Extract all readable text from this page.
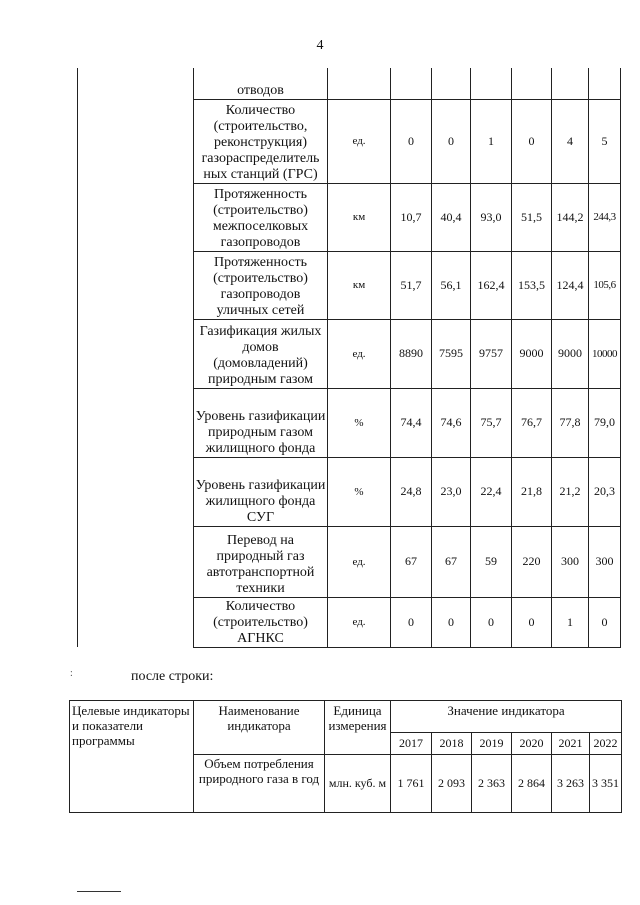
4
	отводов							
	Количество (строительство, реконструкция) газораспределитель ных станций (ГРС)	ед.	0	0	1	0	4	5
	Протяженность (строительство) межпоселковых газопроводов	км	10,7	40,4	93,0	51,5	144,2	244,3
	Протяженность (строительство) газопроводов уличных сетей	км	51,7	56,1	162,4	153,5	124,4	105,6
	Газификация жилых домов (домовладений) природным газом	ед.	8890	7595	9757	9000	9000	10000
	Уровень газификации природным газом жилищного фонда	%	74,4	74,6	75,7	76,7	77,8	79,0
	Уровень газификации жилищного фонда СУГ	%	24,8	23,0	22,4	21,8	21,2	20,3
	Перевод на природный газ автотранспортной техники	ед.	67	67	59	220	300	300
	Количество (строительство) АГНКС	ед.	0	0	0	0	1	0
:	после строки:
Целевые индикаторы и показатели программы	Наименование индикатора	Единица измерения	Значение индикатора					
			2017	2018	2019	2020	2021	2022
	Объем потребления природного газа в год	млн. куб. м	1 761	2 093	2 363	2 864	3 263	3 351
